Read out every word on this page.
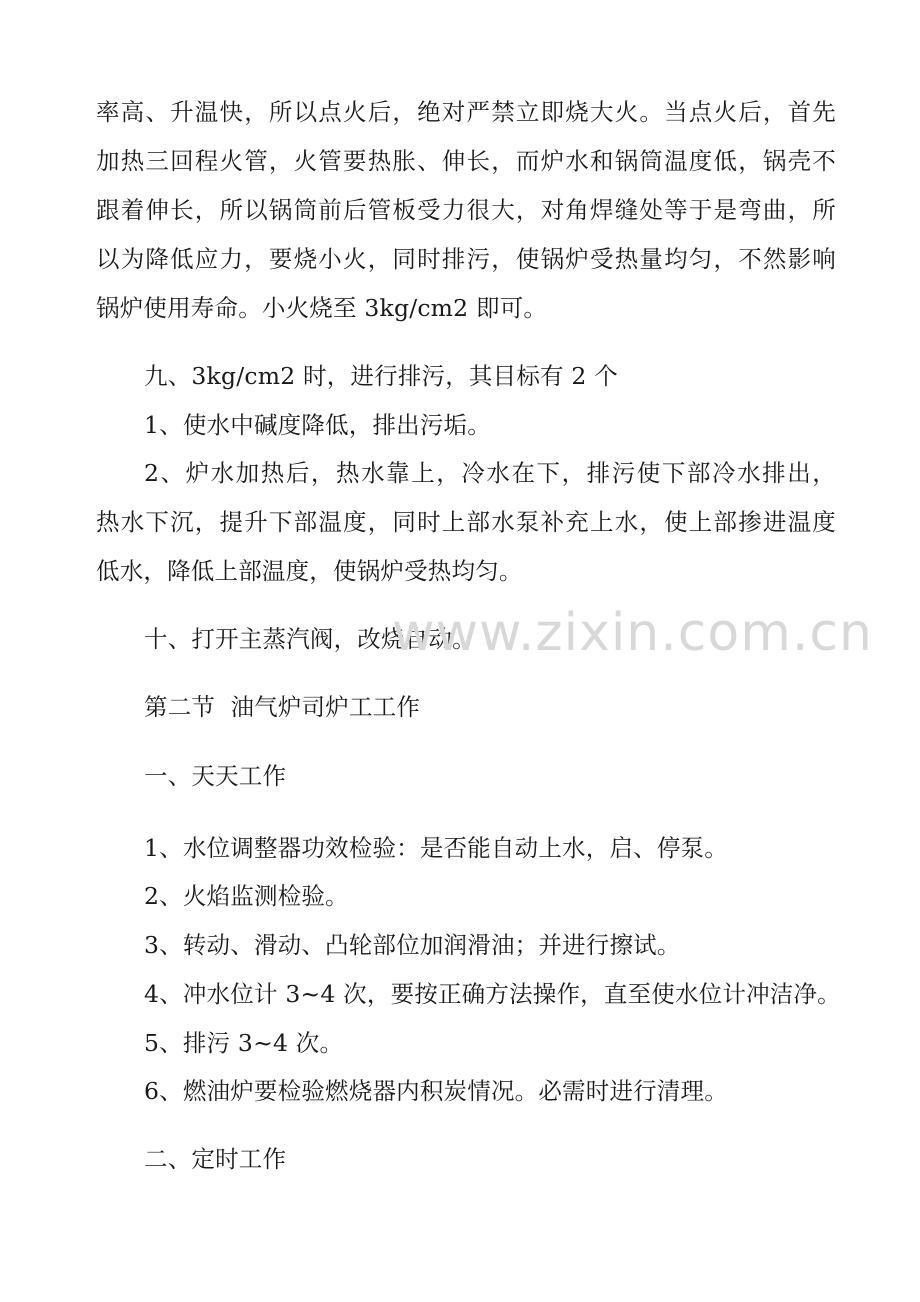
率高、升温快，所以点火后，绝对严禁立即烧大火。当点火后，首先
加热三回程火管，火管要热胀、伸长，而炉水和锅筒温度低，锅壳不
跟着伸长，所以锅筒前后管板受力很大，对角焊缝处等于是弯曲，所
以为降低应力，要烧小火，同时排污，使锅炉受热量均匀，不然影响
锅炉使用寿命。小火烧至 3kg/cm2 即可。
九、3kg/cm2 时，进行排污，其目标有 2 个
1、使水中碱度降低，排出污垢。
2、炉水加热后，热水靠上，冷水在下，排污使下部冷水排出，
热水下沉，提升下部温度，同时上部水泵补充上水，使上部掺进温度
低水，降低上部温度，使锅炉受热均匀。
十、打开主蒸汽阀，改烧自动。
第二节  油气炉司炉工工作
一、天天工作
1、水位调整器功效检验：是否能自动上水，启、停泵。
2、火焰监测检验。
3、转动、滑动、凸轮部位加润滑油；并进行擦试。
4、冲水位计 3~4 次，要按正确方法操作，直至使水位计冲洁净。
5、排污 3~4 次。
6、燃油炉要检验燃烧器内积炭情况。必需时进行清理。
二、定时工作
www.zixin.com.cn
